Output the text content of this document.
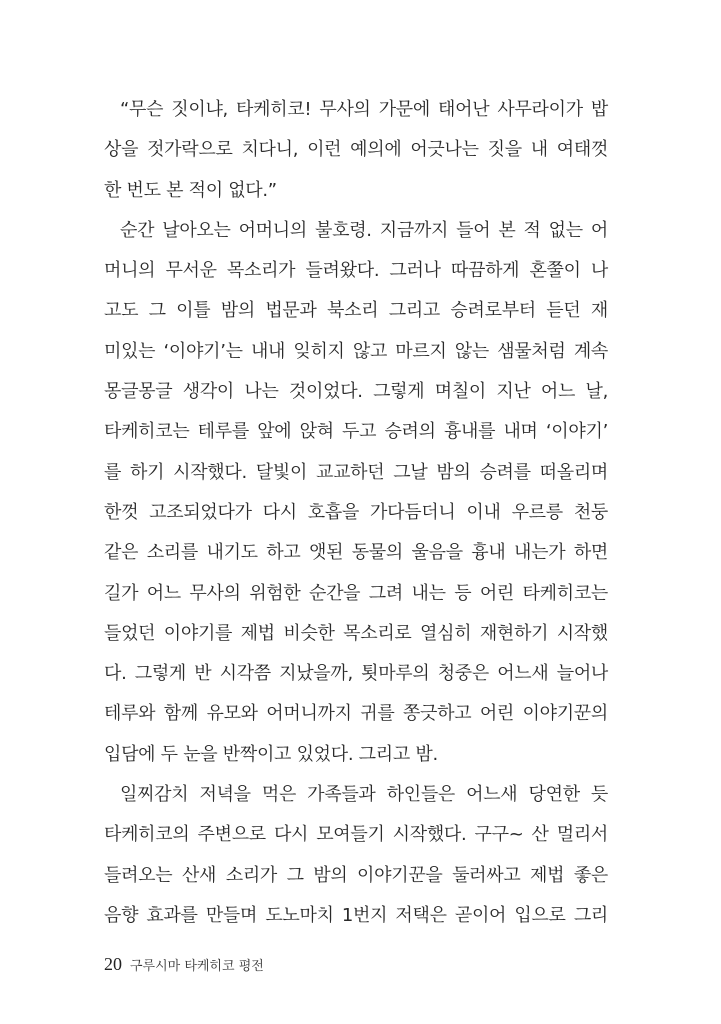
“무슨 짓이냐, 타케히코! 무사의 가문에 태어난 사무라이가 밥
상을 젓가락으로 치다니, 이런 예의에 어긋나는 짓을 내 여태껏
한 번도 본 적이 없다.”
순간 날아오는 어머니의 불호령. 지금까지 들어 본 적 없는 어
머니의 무서운 목소리가 들려왔다. 그러나 따끔하게 혼쭐이 나
고도 그 이틀 밤의 법문과 북소리 그리고 승려로부터 듣던 재
미있는 ‘이야기’는 내내 잊히지 않고 마르지 않는 샘물처럼 계속
몽글몽글 생각이 나는 것이었다. 그렇게 며칠이 지난 어느 날,
타케히코는 테루를 앞에 앉혀 두고 승려의 흉내를 내며 ‘이야기’
를 하기 시작했다. 달빛이 교교하던 그날 밤의 승려를 떠올리며
한껏 고조되었다가 다시 호흡을 가다듬더니 이내 우르릉 천둥
같은 소리를 내기도 하고 앳된 동물의 울음을 흉내 내는가 하면
길가 어느 무사의 위험한 순간을 그려 내는 등 어린 타케히코는
들었던 이야기를 제법 비슷한 목소리로 열심히 재현하기 시작했
다. 그렇게 반 시각쯤 지났을까, 툇마루의 청중은 어느새 늘어나
테루와 함께 유모와 어머니까지 귀를 쫑긋하고 어린 이야기꾼의
입담에 두 눈을 반짝이고 있었다. 그리고 밤.
일찌감치 저녁을 먹은 가족들과 하인들은 어느새 당연한 듯
타케히코의 주변으로 다시 모여들기 시작했다. 구구~ 산 멀리서
들려오는 산새 소리가 그 밤의 이야기꾼을 둘러싸고 제법 좋은
음향 효과를 만들며 도노마치 1번지 저택은 곧이어 입으로 그리
20 구루시마 타케히코 평전
